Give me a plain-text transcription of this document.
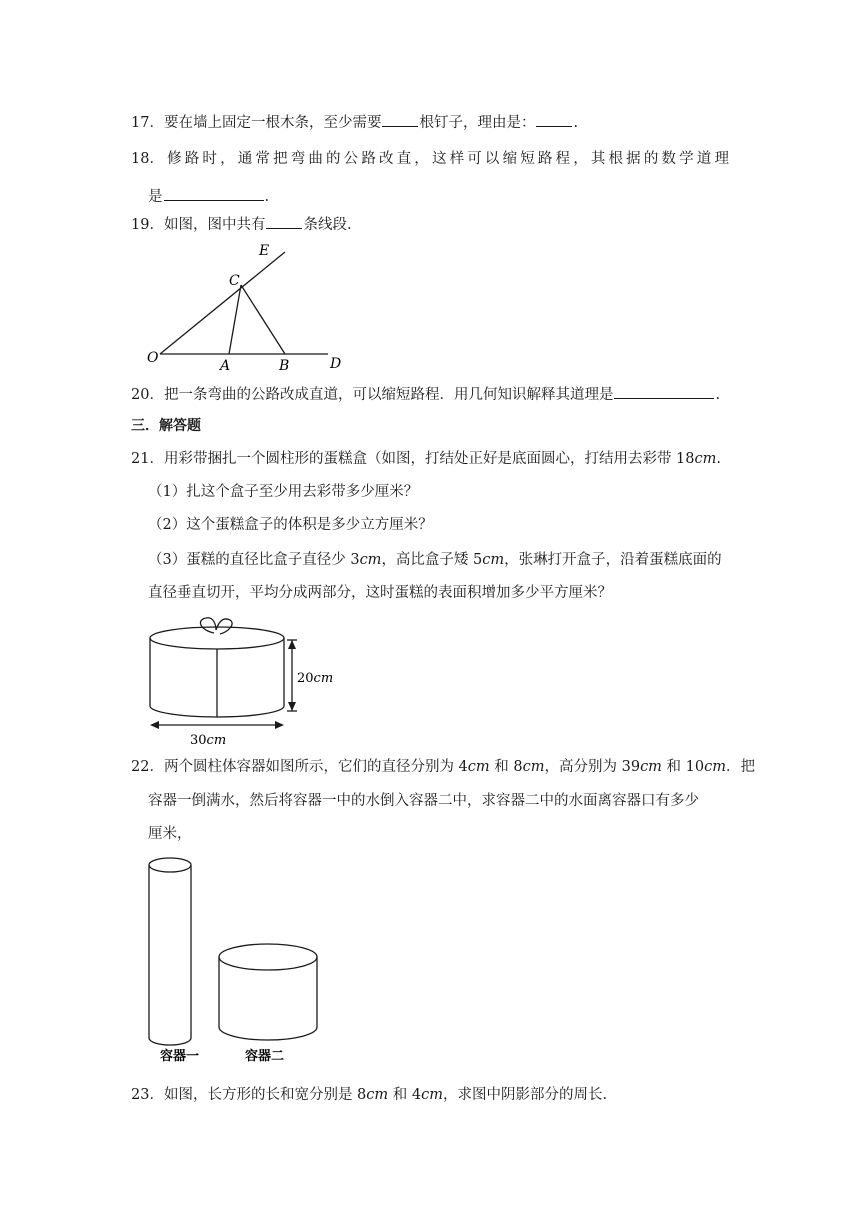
17．要在墙上固定一根木条，至少需要	根钉子，理由是：	.
18． 修 路 时 ， 通 常 把 弯 曲 的 公 路 改 直 ， 这 样 可 以 缩 短 路 程 ， 其 根 据 的 数 学 道 理
是	.
19．如图，图中共有	条线段.
E
C
O	A	B	D
20．把一条弯曲的公路改成直道，可以缩短路程．用几何知识解释其道理是	.
三．解答题
21．用彩带捆扎一个圆柱形的蛋糕盒（如图，打结处正好是底面圆心，打结用去彩带 18cm.
（1）扎这个盒子至少用去彩带多少厘米？
（2）这个蛋糕盒子的体积是多少立方厘米？
（3）蛋糕的直径比盒子直径少 3cm，高比盒子矮 5cm，张琳打开盒子，沿着蛋糕底面的
直径垂直切开，平均分成两部分，这时蛋糕的表面积增加多少平方厘米？
20cm
30cm
22．两个圆柱体容器如图所示，它们的直径分别为 4cm 和 8cm，高分别为 39cm 和 10cm．把
容器一倒满水，然后将容器一中的水倒入容器二中，求容器二中的水面离容器口有多少
厘米，
容器一	容器二
23．如图，长方形的长和宽分别是 8cm 和 4cm，求图中阴影部分的周长.
